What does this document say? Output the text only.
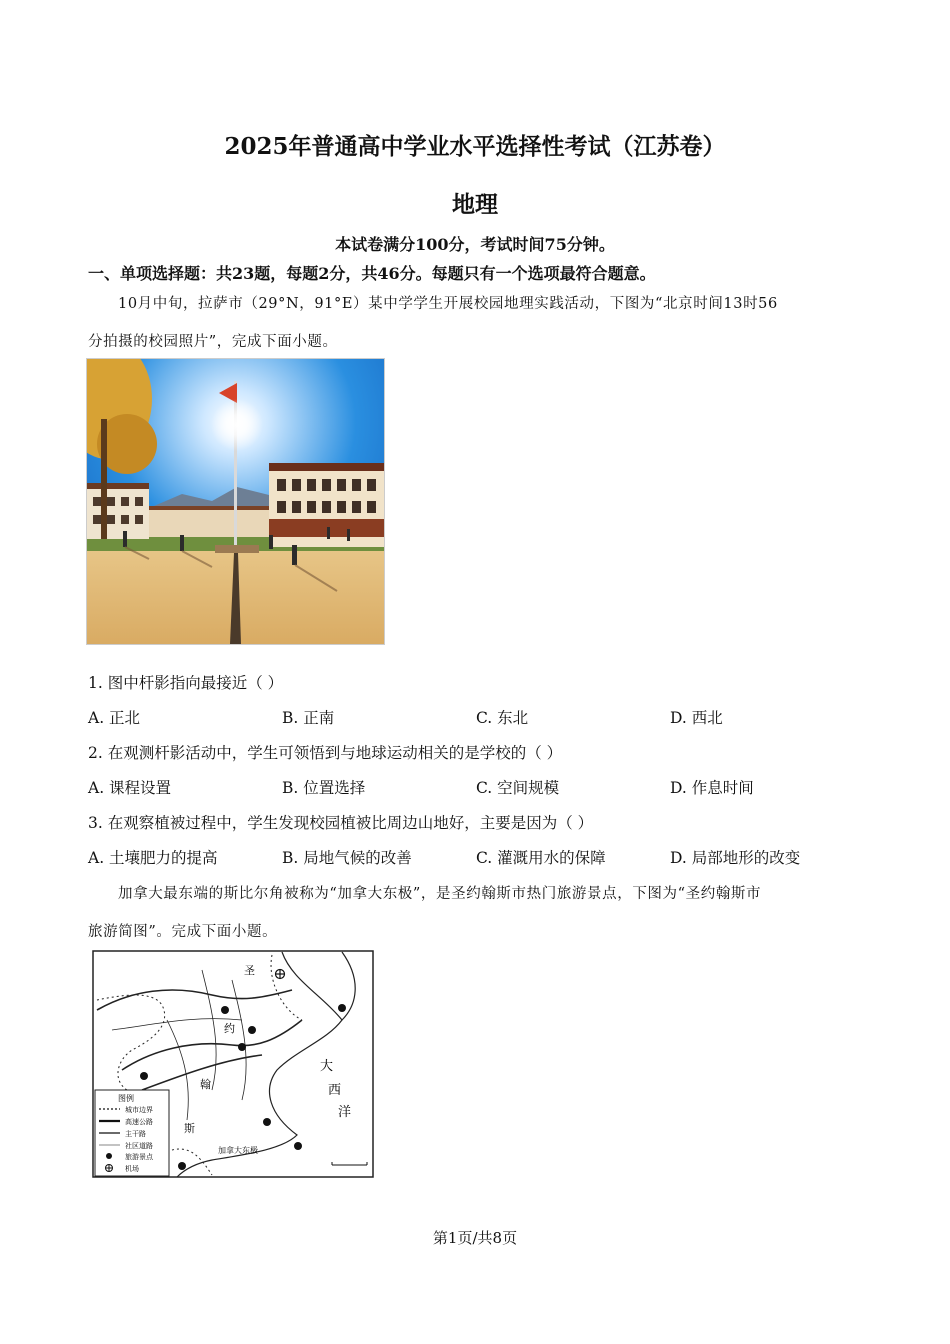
2025年普通高中学业水平选择性考试（江苏卷）
地理
本试卷满分100分，考试时间75分钟。
一、单项选择题：共23题，每题2分，共46分。每题只有一个选项最符合题意。
10月中旬，拉萨市（29°N，91°E）某中学学生开展校园地理实践活动，下图为“北京时间13时56
分拍摄的校园照片”，完成下面小题。
1. 图中杆影指向最接近（ ）
A. 正北	B. 正南	C. 东北	D. 西北
2. 在观测杆影活动中，学生可领悟到与地球运动相关的是学校的（ ）
A. 课程设置	B. 位置选择	C. 空间规模	D. 作息时间
3. 在观察植被过程中，学生发现校园植被比周边山地好，主要是因为（ ）
A. 土壤肥力的提高	B. 局地气候的改善	C. 灌溉用水的保障	D. 局部地形的改变
加拿大最东端的斯比尔角被称为“加拿大东极”，是圣约翰斯市热门旅游景点，下图为“圣约翰斯市
旅游简图”。完成下面小题。
圣
约
翰
斯
大
西
洋
加拿大东极
图例
城市边界
高速公路
主干路
社区道路
旅游景点
机场
第1页/共8页
